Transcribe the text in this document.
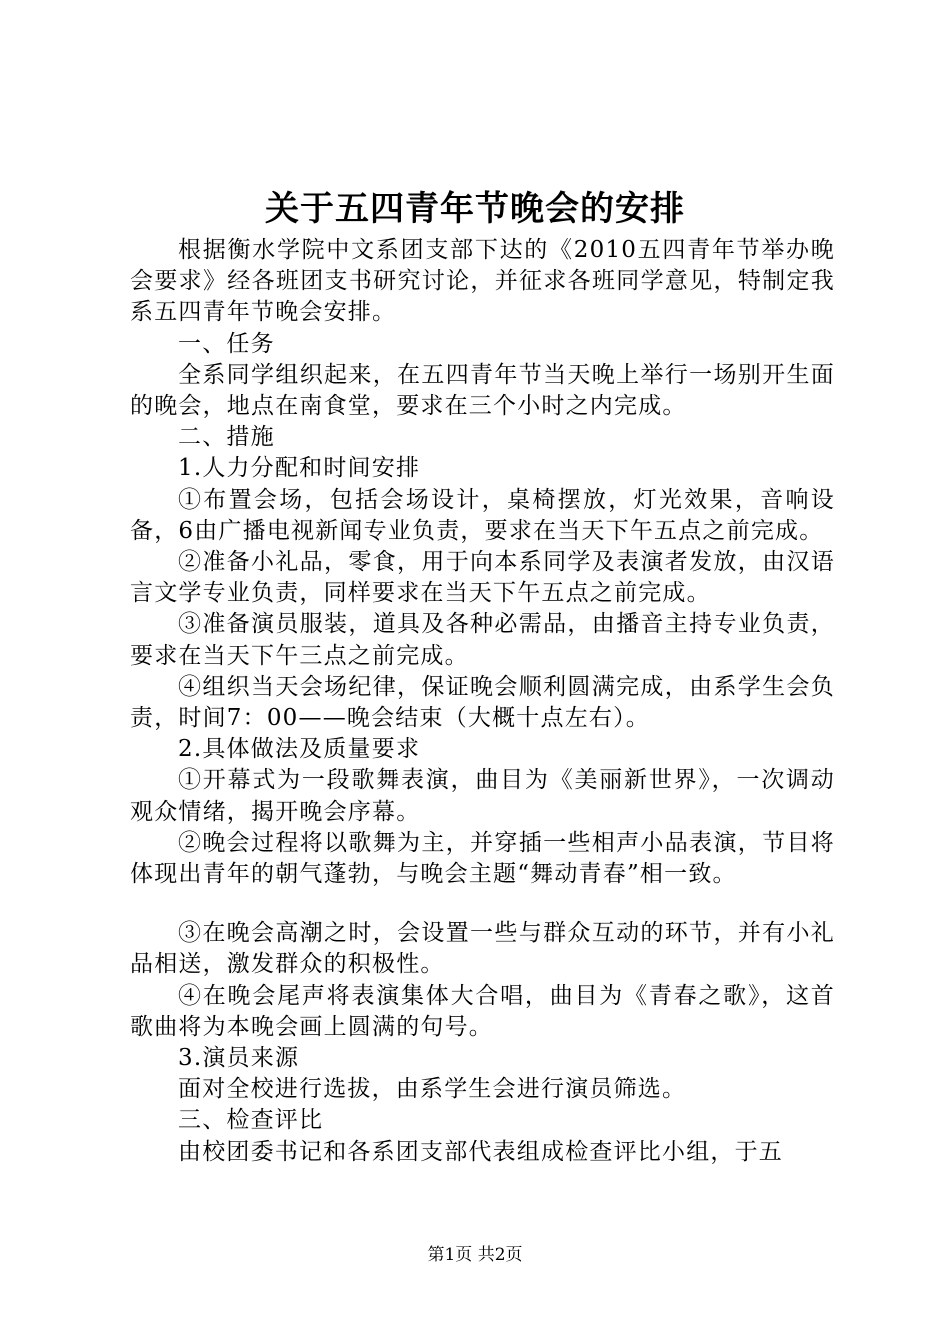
关于五四青年节晚会的安排

根据衡水学院中文系团支部下达的《2010五四青年节举办晚会要求》经各班团支书研究讨论，并征求各班同学意见，特制定我系五四青年节晚会安排。

一、任务

全系同学组织起来，在五四青年节当天晚上举行一场别开生面的晚会，地点在南食堂，要求在三个小时之内完成。

二、措施

1.人力分配和时间安排

①布置会场，包括会场设计，桌椅摆放，灯光效果，音响设备，6由广播电视新闻专业负责，要求在当天下午五点之前完成。

②准备小礼品，零食，用于向本系同学及表演者发放，由汉语言文学专业负责，同样要求在当天下午五点之前完成。

③准备演员服装，道具及各种必需品，由播音主持专业负责，要求在当天下午三点之前完成。

④组织当天会场纪律，保证晚会顺利圆满完成，由系学生会负责，时间7：00——晚会结束（大概十点左右）。

2.具体做法及质量要求

①开幕式为一段歌舞表演，曲目为《美丽新世界》，一次调动观众情绪，揭开晚会序幕。

②晚会过程将以歌舞为主，并穿插一些相声小品表演，节目将体现出青年的朝气蓬勃，与晚会主题“舞动青春”相一致。

③在晚会高潮之时，会设置一些与群众互动的环节，并有小礼品相送，激发群众的积极性。

④在晚会尾声将表演集体大合唱，曲目为《青春之歌》，这首歌曲将为本晚会画上圆满的句号。

3.演员来源

面对全校进行选拔，由系学生会进行演员筛选。

三、检查评比

由校团委书记和各系团支部代表组成检查评比小组，于五

第1页 共2页
